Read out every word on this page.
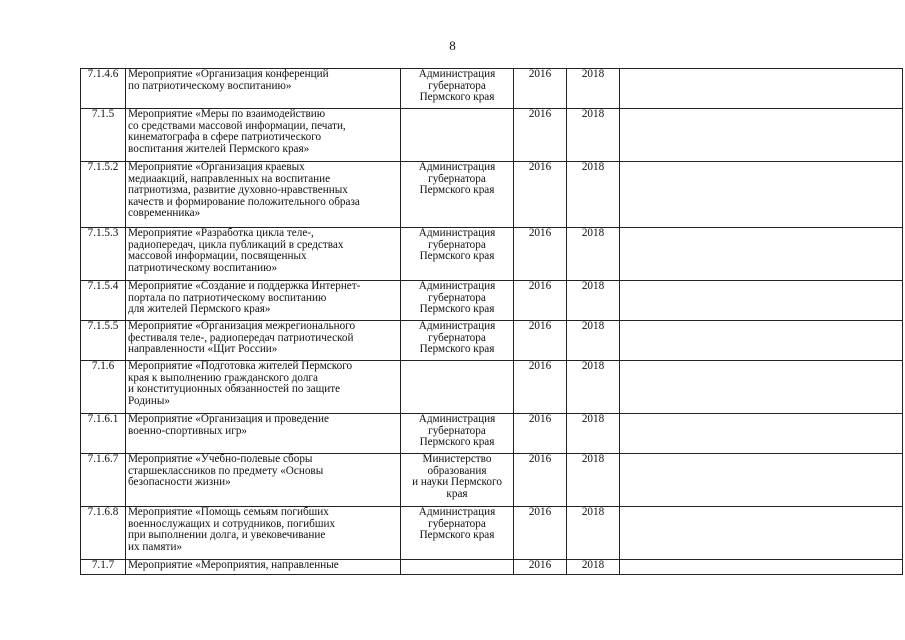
8
7.1.4.6	Мероприятие «Организация конференций
по патриотическому воспитанию»	Администрация
губернатора
Пермского края	2016	2018	
7.1.5	Мероприятие «Меры по взаимодействию
со средствами массовой информации, печати,
кинематографа в сфере патриотического
воспитания жителей Пермского края»		2016	2018	
7.1.5.2	Мероприятие «Организация краевых
медиаакций, направленных на воспитание
патриотизма, развитие духовно-нравственных
качеств и формирование положительного образа
современника»	Администрация
губернатора
Пермского края	2016	2018	
7.1.5.3	Мероприятие «Разработка цикла теле-,
радиопередач, цикла публикаций в средствах
массовой информации, посвященных
патриотическому воспитанию»	Администрация
губернатора
Пермского края	2016	2018	
7.1.5.4	Мероприятие «Создание и поддержка Интернет-
портала по патриотическому воспитанию
для жителей Пермского края»	Администрация
губернатора
Пермского края	2016	2018	
7.1.5.5	Мероприятие «Организация межрегионального
фестиваля теле-, радиопередач патриотической
направленности «Щит России»	Администрация
губернатора
Пермского края	2016	2018	
7.1.6	Мероприятие «Подготовка жителей Пермского
края к выполнению гражданского долга
и конституционных обязанностей по защите
Родины»		2016	2018	
7.1.6.1	Мероприятие «Организация и проведение
военно-спортивных игр»	Администрация
губернатора
Пермского края	2016	2018	
7.1.6.7	Мероприятие «Учебно-полевые сборы
старшеклассников по предмету «Основы
безопасности жизни»	Министерство
образования
и науки Пермского
края	2016	2018	
7.1.6.8	Мероприятие «Помощь семьям погибших
военнослужащих и сотрудников, погибших
при выполнении долга, и увековечивание
их памяти»	Администрация
губернатора
Пермского края	2016	2018	
7.1.7	Мероприятие «Мероприятия, направленные		2016	2018	
